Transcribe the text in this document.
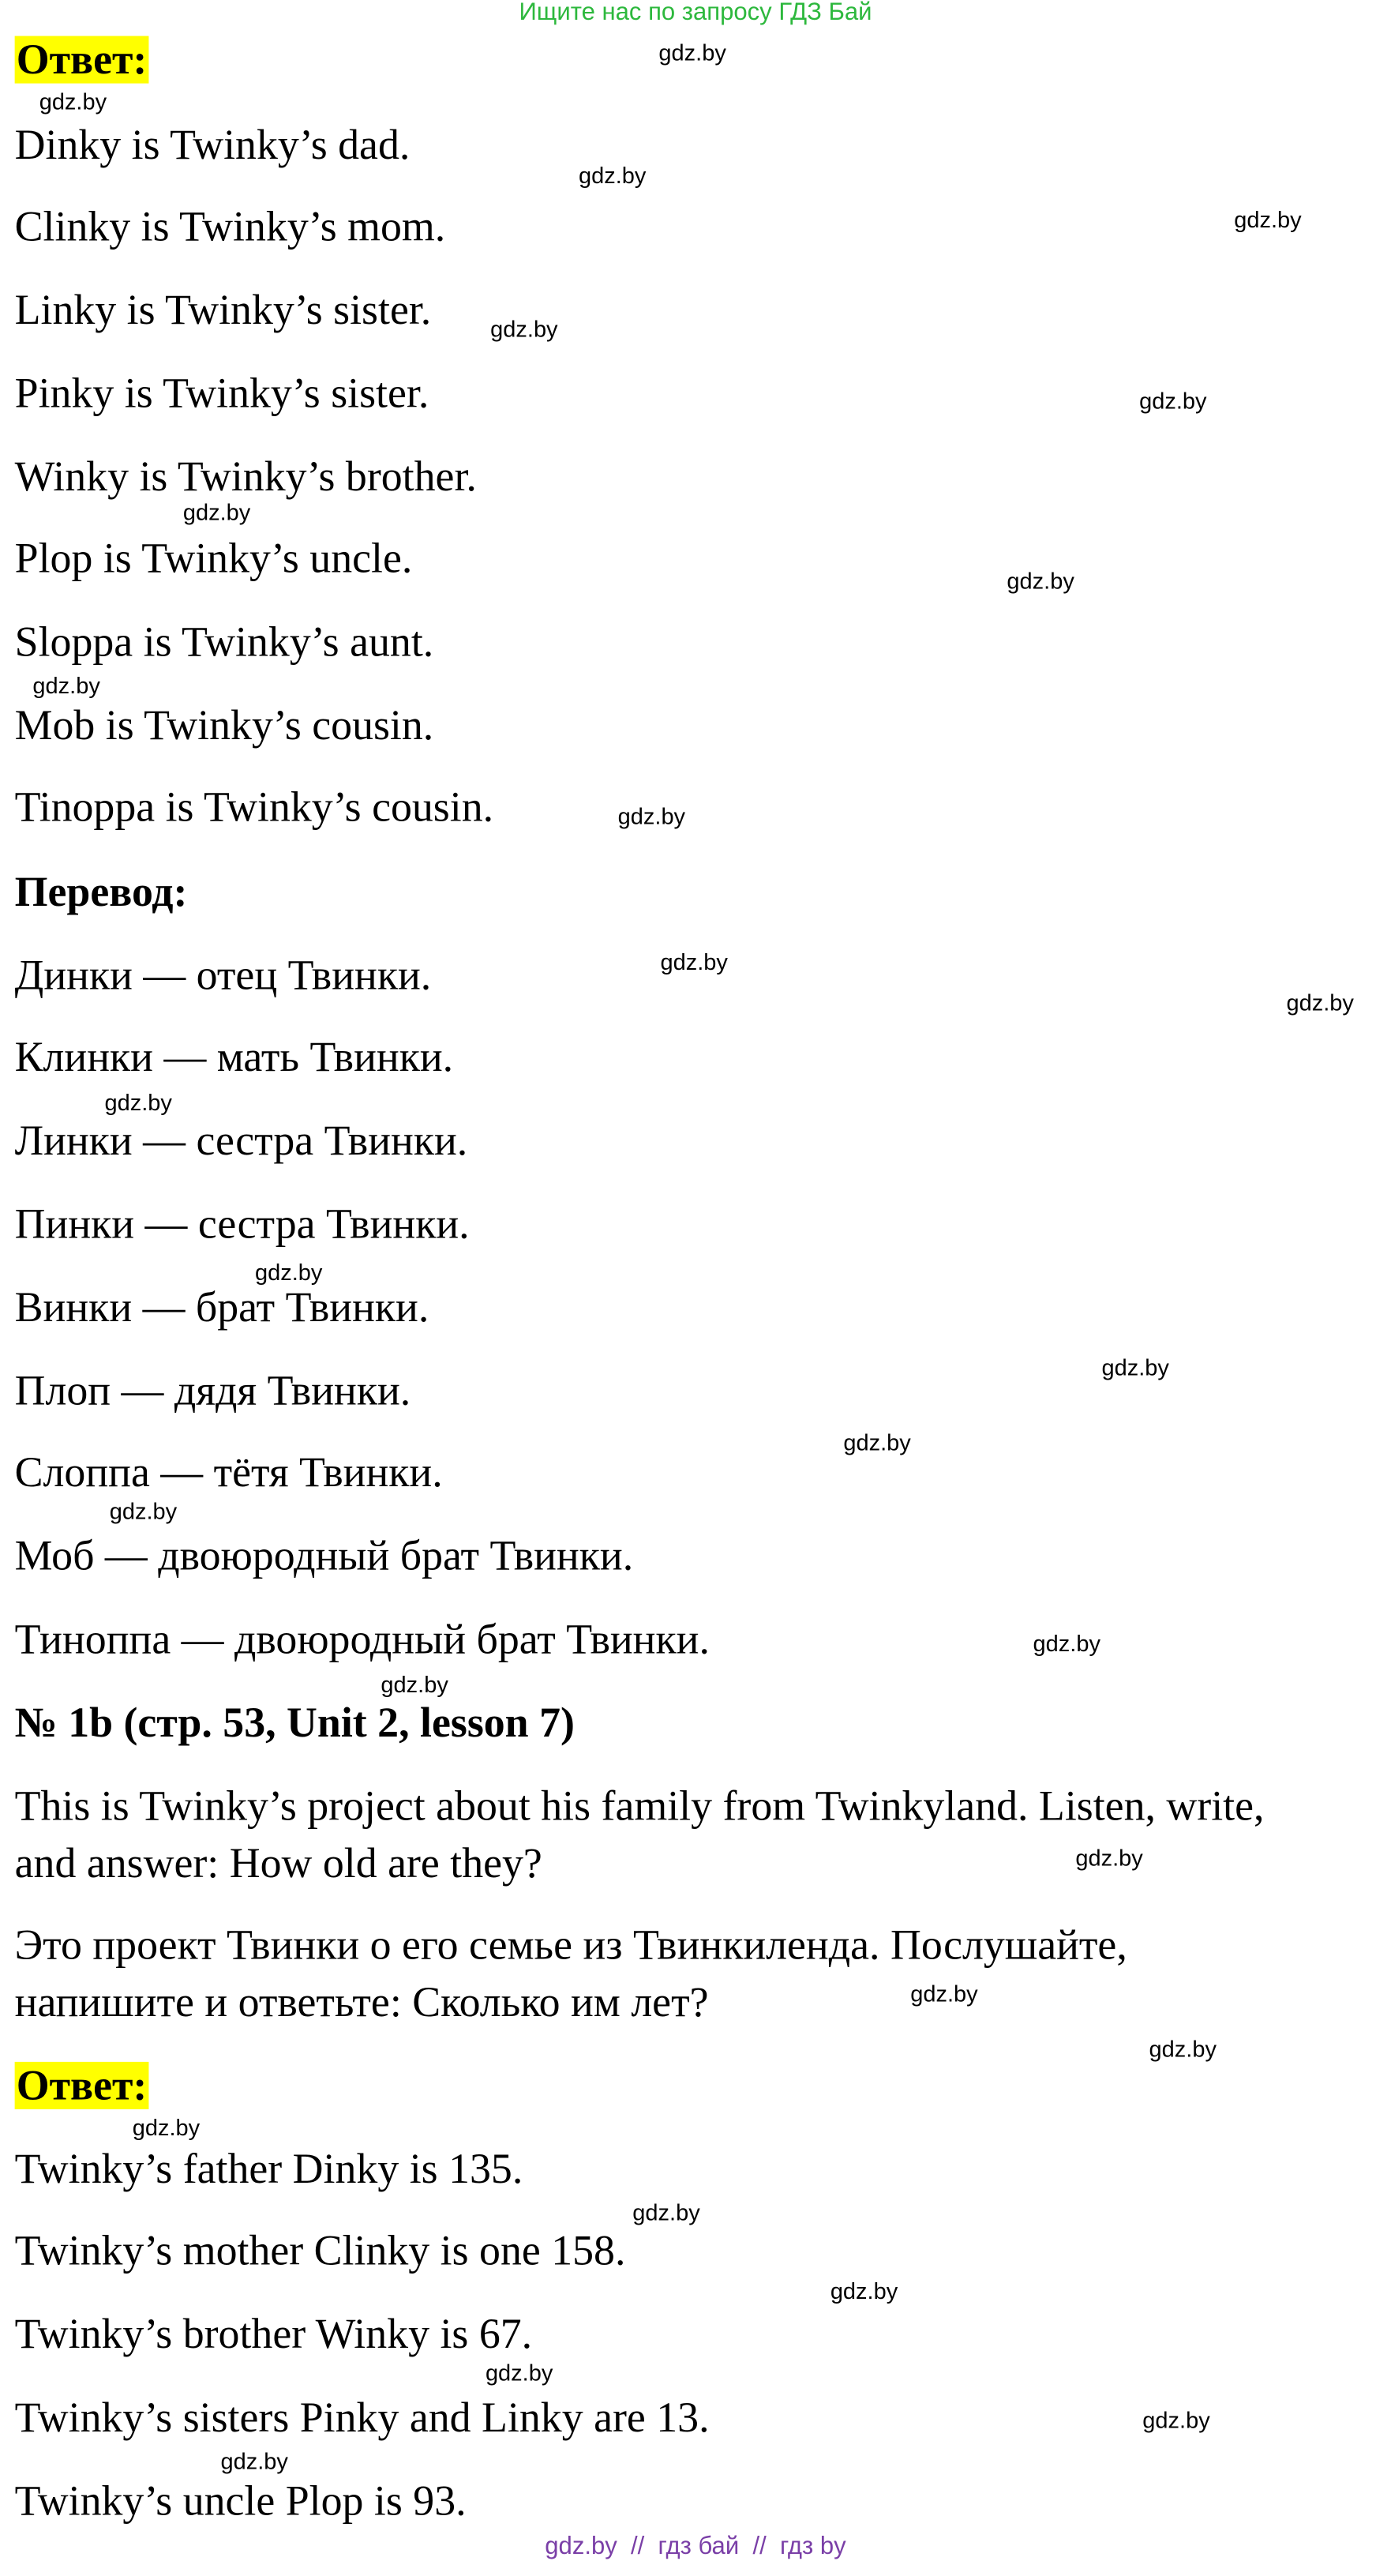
Ищите нас по запросу ГДЗ Бай
Ответ:
Dinky is Twinky’s dad.
Clinky is Twinky’s mom.
Linky is Twinky’s sister.
Pinky is Twinky’s sister.
Winky is Twinky’s brother.
Plop is Twinky’s uncle.
Sloppa is Twinky’s aunt.
Mob is Twinky’s cousin.
Tinoppa is Twinky’s cousin.
Перевод:
Динки — отец Твинки.
Клинки — мать Твинки.
Линки — сестра Твинки.
Пинки — сестра Твинки.
Винки — брат Твинки.
Плоп — дядя Твинки.
Слоппа — тётя Твинки.
Моб — двоюродный брат Твинки.
Тиноппа — двоюродный брат Твинки.
№ 1b (стр. 53, Unit 2, lesson 7)
This is Twinky’s project about his family from Twinkyland. Listen, write,
and answer: How old are they?
Это проект Твинки о его семье из Твинкиленда. Послушайте,
напишите и ответьте: Сколько им лет?
Ответ:
Twinky’s father Dinky is 135.
Twinky’s mother Clinky is one 158.
Twinky’s brother Winky is 67.
Twinky’s sisters Pinky and Linky are 13.
Twinky’s uncle Plop is 93.
gdz.by
gdz.by
gdz.by
gdz.by
gdz.by
gdz.by
gdz.by
gdz.by
gdz.by
gdz.by
gdz.by
gdz.by
gdz.by
gdz.by
gdz.by
gdz.by
gdz.by
gdz.by
gdz.by
gdz.by
gdz.by
gdz.by
gdz.by
gdz.by
gdz.by
gdz.by
gdz.by
gdz.by
gdz.by  //  гдз бай  //  гдз by
